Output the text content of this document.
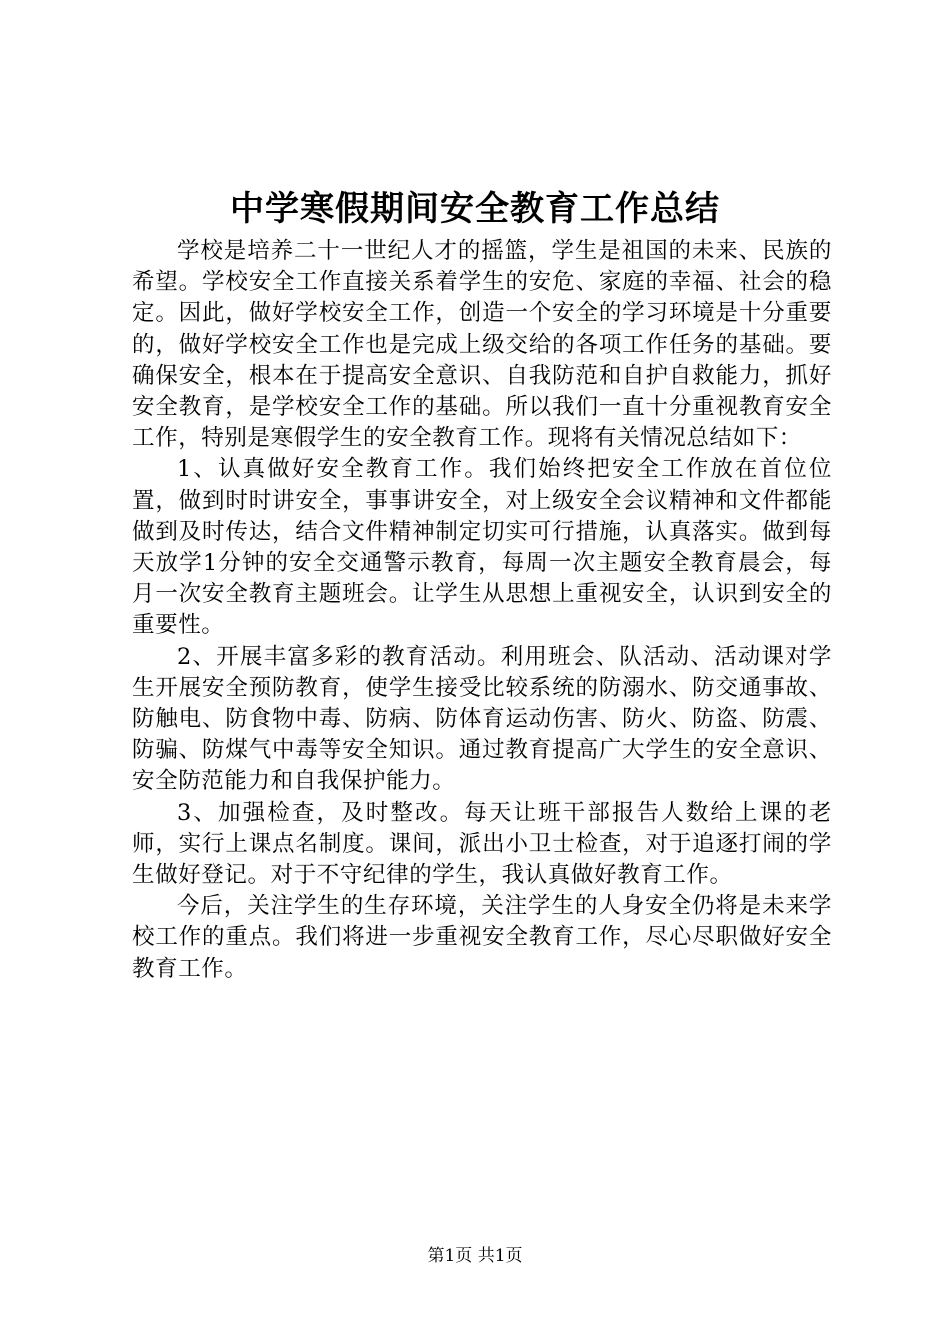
中学寒假期间安全教育工作总结

学校是培养二十一世纪人才的摇篮，学生是祖国的未来、民族的希望。学校安全工作直接关系着学生的安危、家庭的幸福、社会的稳定。因此，做好学校安全工作，创造一个安全的学习环境是十分重要的，做好学校安全工作也是完成上级交给的各项工作任务的基础。要确保安全，根本在于提高安全意识、自我防范和自护自救能力，抓好安全教育，是学校安全工作的基础。所以我们一直十分重视教育安全工作，特别是寒假学生的安全教育工作。现将有关情况总结如下：

1、认真做好安全教育工作。我们始终把安全工作放在首位位置，做到时时讲安全，事事讲安全，对上级安全会议精神和文件都能做到及时传达，结合文件精神制定切实可行措施，认真落实。做到每天放学1分钟的安全交通警示教育，每周一次主题安全教育晨会，每月一次安全教育主题班会。让学生从思想上重视安全，认识到安全的重要性。

2、开展丰富多彩的教育活动。利用班会、队活动、活动课对学生开展安全预防教育，使学生接受比较系统的防溺水、防交通事故、防触电、防食物中毒、防病、防体育运动伤害、防火、防盗、防震、防骗、防煤气中毒等安全知识。通过教育提高广大学生的安全意识、安全防范能力和自我保护能力。

3、加强检查，及时整改。每天让班干部报告人数给上课的老师，实行上课点名制度。课间，派出小卫士检查，对于追逐打闹的学生做好登记。对于不守纪律的学生，我认真做好教育工作。

今后，关注学生的生存环境，关注学生的人身安全仍将是未来学校工作的重点。我们将进一步重视安全教育工作，尽心尽职做好安全教育工作。

第1页 共1页
